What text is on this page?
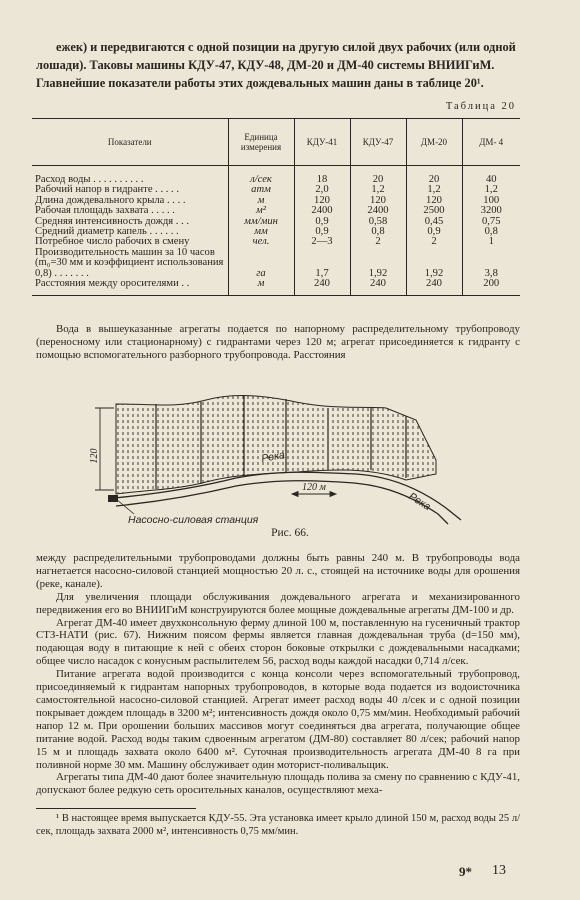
ежек) и передвигаются с одной позиции на другую силой двух рабочих (или одной лошади). Таковы машины КДУ-47, КДУ-48, ДМ-20 и ДМ-40 системы ВНИИГиМ. Главнейшие показатели работы этих дождевальных машин даны в таблице 20¹.

Таблица 20
Показатели	Единица измерения	КДУ-41	КДУ-47	ДМ-20	ДМ- 4
Расход воды . . . . . . . . . .	л/сек	18	20	20	40
Рабочий напор в гидранте . . . . .	атм	2,0	1,2	1,2	1,2
Длина дождевального крыла . . . .	м	120	120	120	100
Рабочая площадь захвата . . . . .	м²	2400	2400	2500	3200
Средняя интенсивность дождя . . .	мм/мин	0,9	0,58	0,45	0,75
Средний диаметр капель . . . . . .	мм	0,9	0,8	0,9	0,8
Потребное число рабочих в смену	чел.	2—3	2	2	1
Производительность машин за 10 часов (m₀=30 мм и коэффициент использования 0,8) . . . . . . .	га	1,7	1,92	1,92	3,8
Расстояния между оросителями . .	м	240	240	240	200

Вода в вышеуказанные агрегаты подается по напорному распределительному трубопроводу (переносному или стационарному) с гидрантами через 120 м; агрегат присоединяется к гидранту с помощью вспомогательного разборного трубопровода. Расстояния

120
120 м
Река
Река
Насосно-силовая станция
Рис. 66.

между распределительными трубопроводами должны быть равны 240 м. В трубопроводы вода нагнетается насосно-силовой станцией мощностью 20 л. с., стоящей на источнике воды для орошения (реке, канале).

Для увеличения площади обслуживания дождевального агрегата и механизированного передвижения его во ВНИИГиМ конструируются более мощные дождевальные агрегаты ДМ-100 и др.

Агрегат ДМ-40 имеет двухконсольную ферму длиной 100 м, поставленную на гусеничный трактор СТЗ-НАТИ (рис. 67). Нижним поясом фермы является главная дождевальная труба (d=150 мм), подающая воду в питающие к ней с обеих сторон боковые открылки с дождевальными насадками; общее число насадок с конусным распылителем 56, расход воды каждой насадки 0,714 л/сек.

Питание агрегата водой производится с конца консоли через вспомогательный трубопровод, присоединяемый к гидрантам напорных трубопроводов, в которые вода подается из водоисточника самостоятельной насосно-силовой станцией. Агрегат имеет расход воды 40 л/сек и с одной позиции покрывает дождем площадь в 3200 м²; интенсивность дождя около 0,75 мм/мин. Необходимый рабочий напор 12 м. При орошении больших массивов могут соединяться два агрегата, получающие общее питание водой. Расход воды таким сдвоенным агрегатом (ДМ-80) составляет 80 л/сек; рабочий напор 15 м и площадь захвата около 6400 м². Суточная производительность агрегата ДМ-40 8 га при поливной норме 30 мм. Машину обслуживает один моторист-поливальщик.

Агрегаты типа ДМ-40 дают более значительную площадь полива за смену по сравнению с КДУ-41, допускают более редкую сеть оросительных каналов, осуществляют меха-

¹ В настоящее время выпускается КДУ-55. Эта установка имеет крыло длиной 150 м, расход воды 25 л/сек, площадь захвата 2000 м², интенсивность 0,75 мм/мин.

9* 13
